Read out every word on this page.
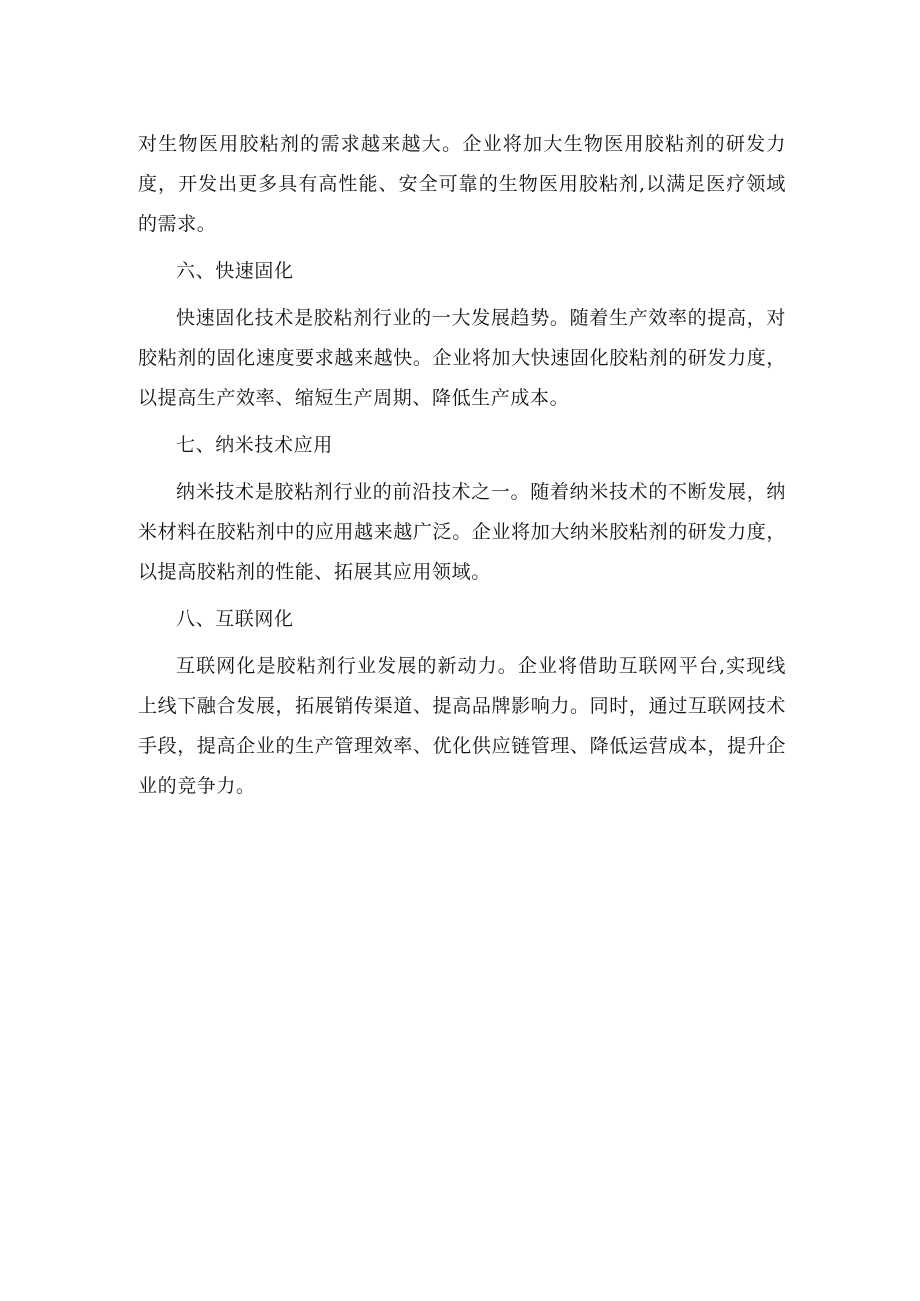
对生物医用胶粘剂的需求越来越大。企业将加大生物医用胶粘剂的研发力度，开发出更多具有高性能、安全可靠的生物医用胶粘剂,以满足医疗领域的需求。

六、快速固化

快速固化技术是胶粘剂行业的一大发展趋势。随着生产效率的提高，对胶粘剂的固化速度要求越来越快。企业将加大快速固化胶粘剂的研发力度，以提高生产效率、缩短生产周期、降低生产成本。

七、纳米技术应用

纳米技术是胶粘剂行业的前沿技术之一。随着纳米技术的不断发展，纳米材料在胶粘剂中的应用越来越广泛。企业将加大纳米胶粘剂的研发力度，以提高胶粘剂的性能、拓展其应用领域。

八、互联网化

互联网化是胶粘剂行业发展的新动力。企业将借助互联网平台,实现线上线下融合发展，拓展销传渠道、提高品牌影响力。同时，通过互联网技术手段，提高企业的生产管理效率、优化供应链管理、降低运营成本，提升企业的竞争力。
